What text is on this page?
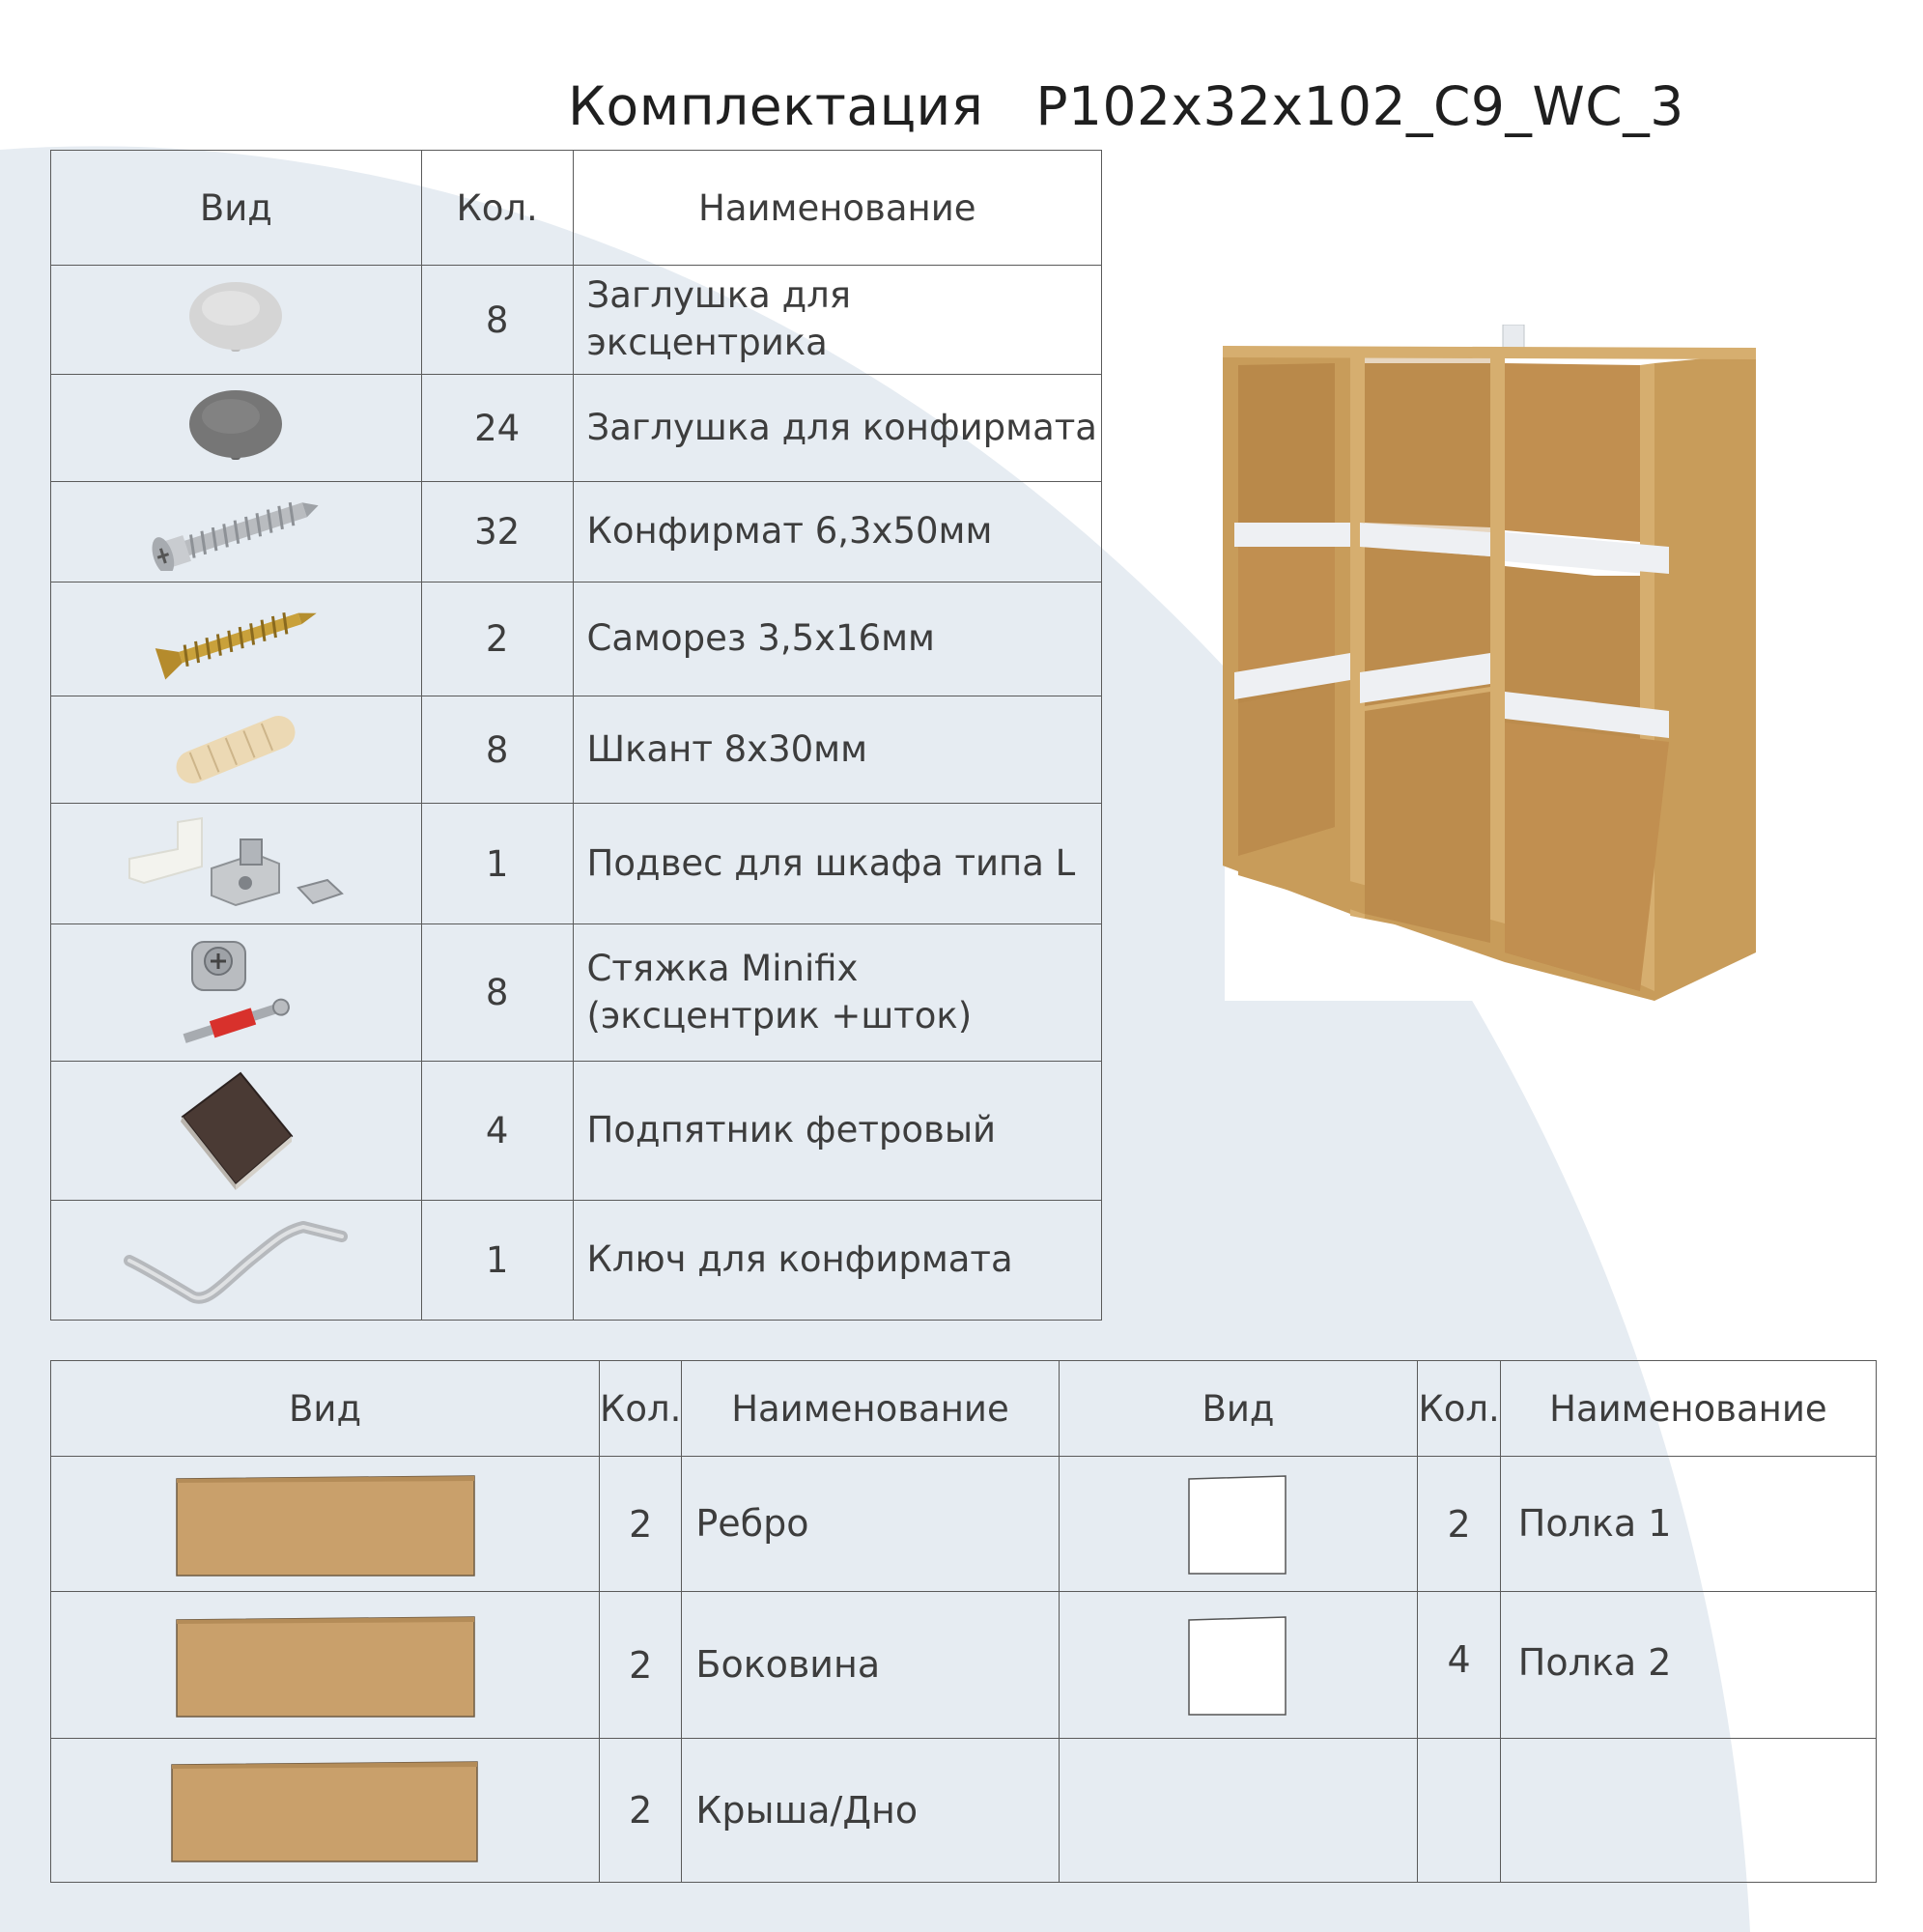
Комплектация   Р102х32х102_С9_WC_3
Вид	Кол.	Наименование

	8	Заглушка для эксцентрика

	24	Заглушка для конфирмата

	32	Конфирмат 6,3х50мм

	2	Саморез 3,5х16мм

	8	Шкант 8х30мм

	1	Подвес для шкафа типа L

	8	Стяжка Minifix
(эксцентрик +шток)

	4	Подпятник фетровый

	1	Ключ для конфирмата
Вид	Кол.	Наименование	Вид	Кол.	Наименование

	2	Ребро		2	Полка 1

	2	Боковина		4	Полка 2

	2	Крыша/Дно			
